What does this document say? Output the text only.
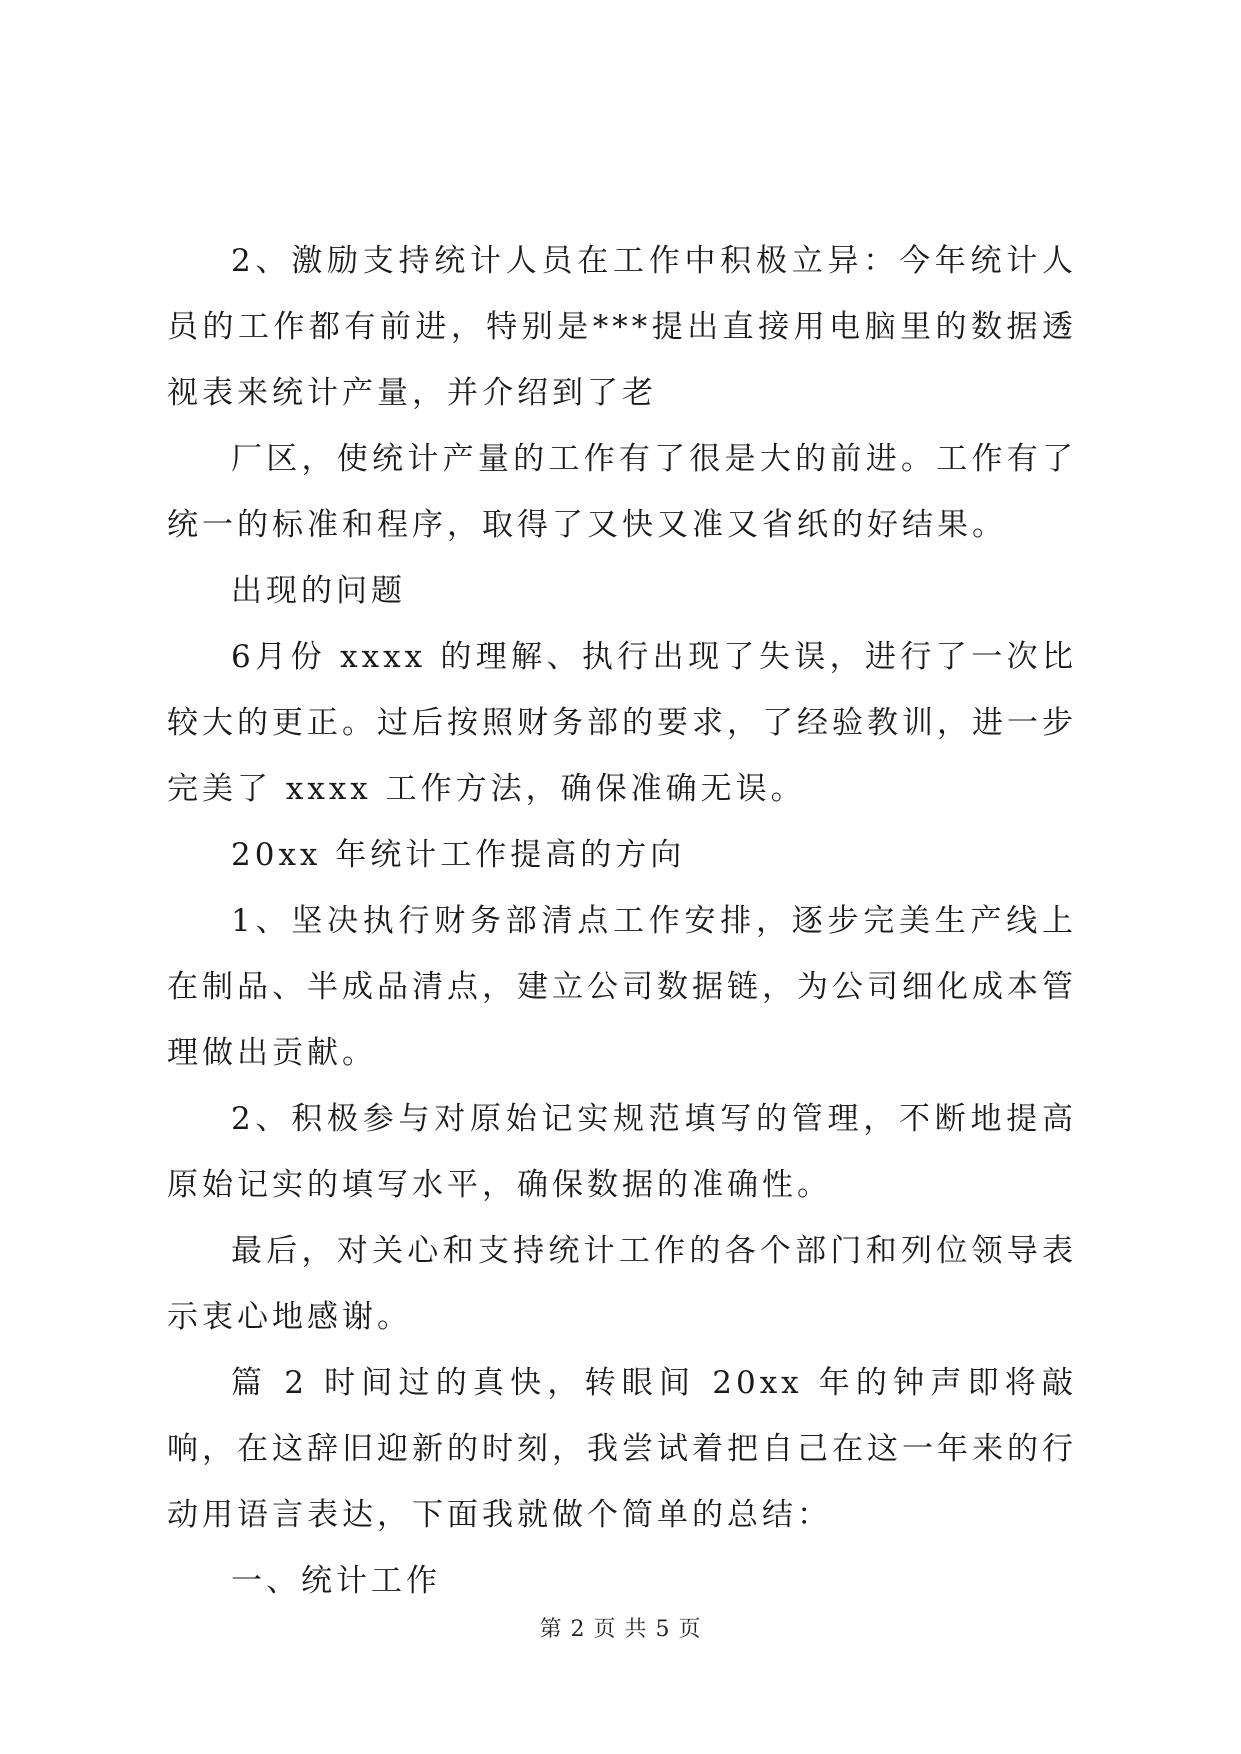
2、激励支持统计人员在工作中积极立异：今年统计人员的工作都有前进，特别是***提出直接用电脑里的数据透视表来统计产量，并介绍到了老

厂区，使统计产量的工作有了很是大的前进。工作有了统一的标准和程序，取得了又快又准又省纸的好结果。

出现的问题

6月份 xxxx 的理解、执行出现了失误，进行了一次比较大的更正。过后按照财务部的要求，了经验教训，进一步完美了 xxxx 工作方法，确保准确无误。

20xx 年统计工作提高的方向

1、坚决执行财务部清点工作安排，逐步完美生产线上在制品、半成品清点，建立公司数据链，为公司细化成本管理做出贡献。

2、积极参与对原始记实规范填写的管理，不断地提高原始记实的填写水平，确保数据的准确性。

最后，对关心和支持统计工作的各个部门和列位领导表示衷心地感谢。

篇 2 时间过的真快，转眼间 20xx 年的钟声即将敲响，在这辞旧迎新的时刻，我尝试着把自己在这一年来的行动用语言表达，下面我就做个简单的总结：

一、统计工作

第 2 页 共 5 页
